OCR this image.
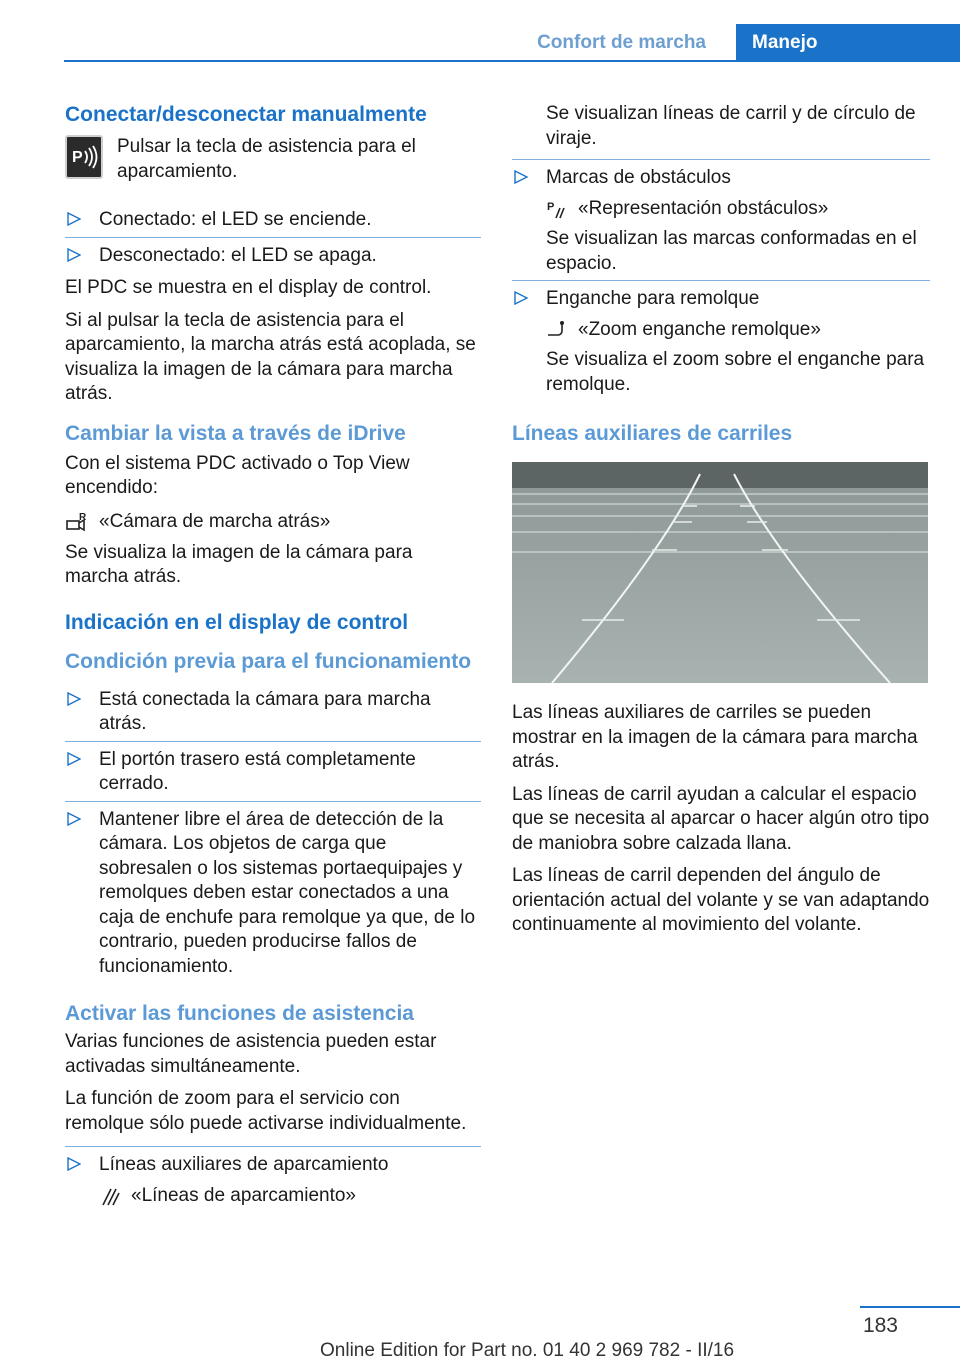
Confort de marcha	Manejo
Conectar/desconectar manualmente
P

Pulsar la tecla de asistencia para el aparcamiento.

Conectado: el LED se enciende.
Desconectado: el LED se apaga.

El PDC se muestra en el display de control.

Si al pulsar la tecla de asistencia para el aparcamiento, la marcha atrás está acoplada, se visualiza la imagen de la cámara para marcha atrás.

Cambiar la vista a través de iDrive

Con el sistema PDC activado o Top View encendido:

R «Cámara de marcha atrás»

Se visualiza la imagen de la cámara para marcha atrás.

Indicación en el display de control
Condición previa para el funcionamiento
Está conectada la cámara para marcha atrás.
El portón trasero está completamente cerrado.
Mantener libre el área de detección de la cámara. Los objetos de carga que sobresalen o los sistemas portaequipajes y remolques deben estar conectados a una caja de enchufe para remolque ya que, de lo contrario, pueden producirse fallos de funcionamiento.
Activar las funciones de asistencia

Varias funciones de asistencia pueden estar activadas simultáneamente.

La función de zoom para el servicio con remolque sólo puede activarse individualmente.

Líneas auxiliares de aparcamiento
«Líneas de aparcamiento»

Se visualizan líneas de carril y de círculo de viraje.

Marcas de obstáculos
P «Representación obstáculos»

Se visualizan las marcas conformadas en el espacio.

Enganche para remolque
«Zoom enganche remolque»

Se visualiza el zoom sobre el enganche para remolque.

Líneas auxiliares de carriles

Las líneas auxiliares de carriles se pueden mostrar en la imagen de la cámara para marcha atrás.

Las líneas de carril ayudan a calcular el espacio que se necesita al aparcar o hacer algún otro tipo de maniobra sobre calzada llana.

Las líneas de carril dependen del ángulo de orientación actual del volante y se van adaptando continuamente al movimiento del volante.

183
Online Edition for Part no. 01 40 2 969 782 - II/16
